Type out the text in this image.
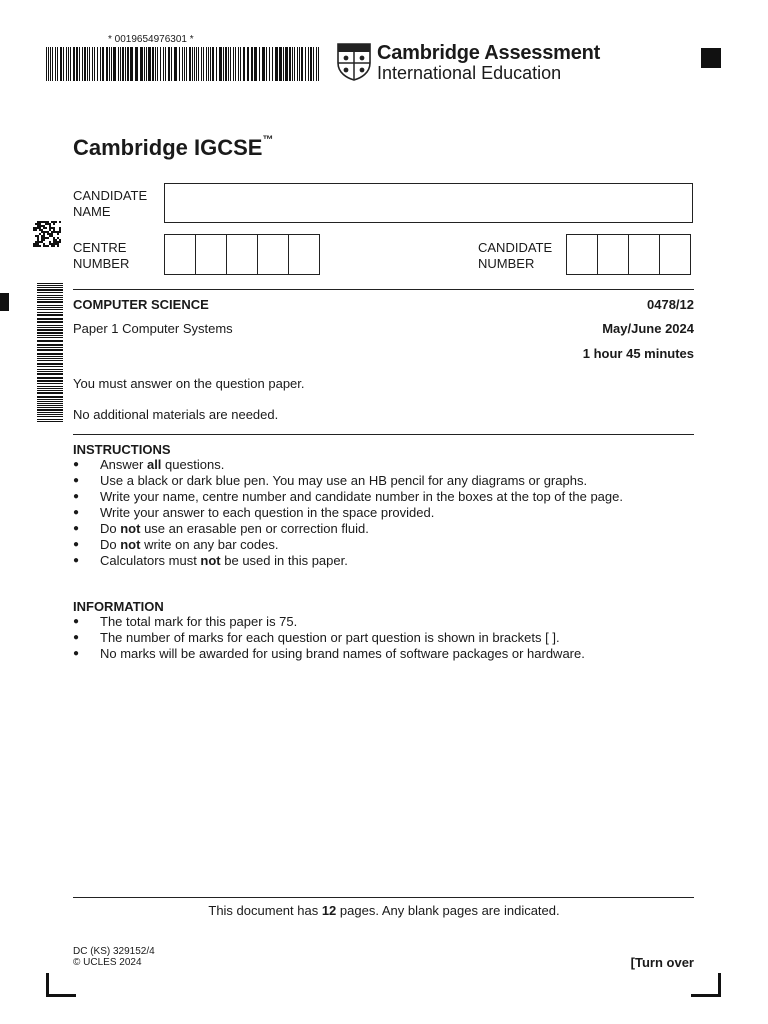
* 0019654976301 *
Cambridge Assessment
International Education
Cambridge IGCSE™
CANDIDATE
NAME
CENTRE
NUMBER
CANDIDATE
NUMBER
COMPUTER SCIENCE	0478/12
Paper 1 Computer Systems	May/June 2024
1 hour 45 minutes
You must answer on the question paper.
No additional materials are needed.
INSTRUCTIONS
● Answer all questions.
● Use a black or dark blue pen. You may use an HB pencil for any diagrams or graphs.
● Write your name, centre number and candidate number in the boxes at the top of the page.
● Write your answer to each question in the space provided.
● Do not use an erasable pen or correction fluid.
● Do not write on any bar codes.
● Calculators must not be used in this paper.
INFORMATION
● The total mark for this paper is 75.
● The number of marks for each question or part question is shown in brackets [ ].
● No marks will be awarded for using brand names of software packages or hardware.
This document has 12 pages. Any blank pages are indicated.
DC (KS) 329152/4
© UCLES 2024	[Turn over
